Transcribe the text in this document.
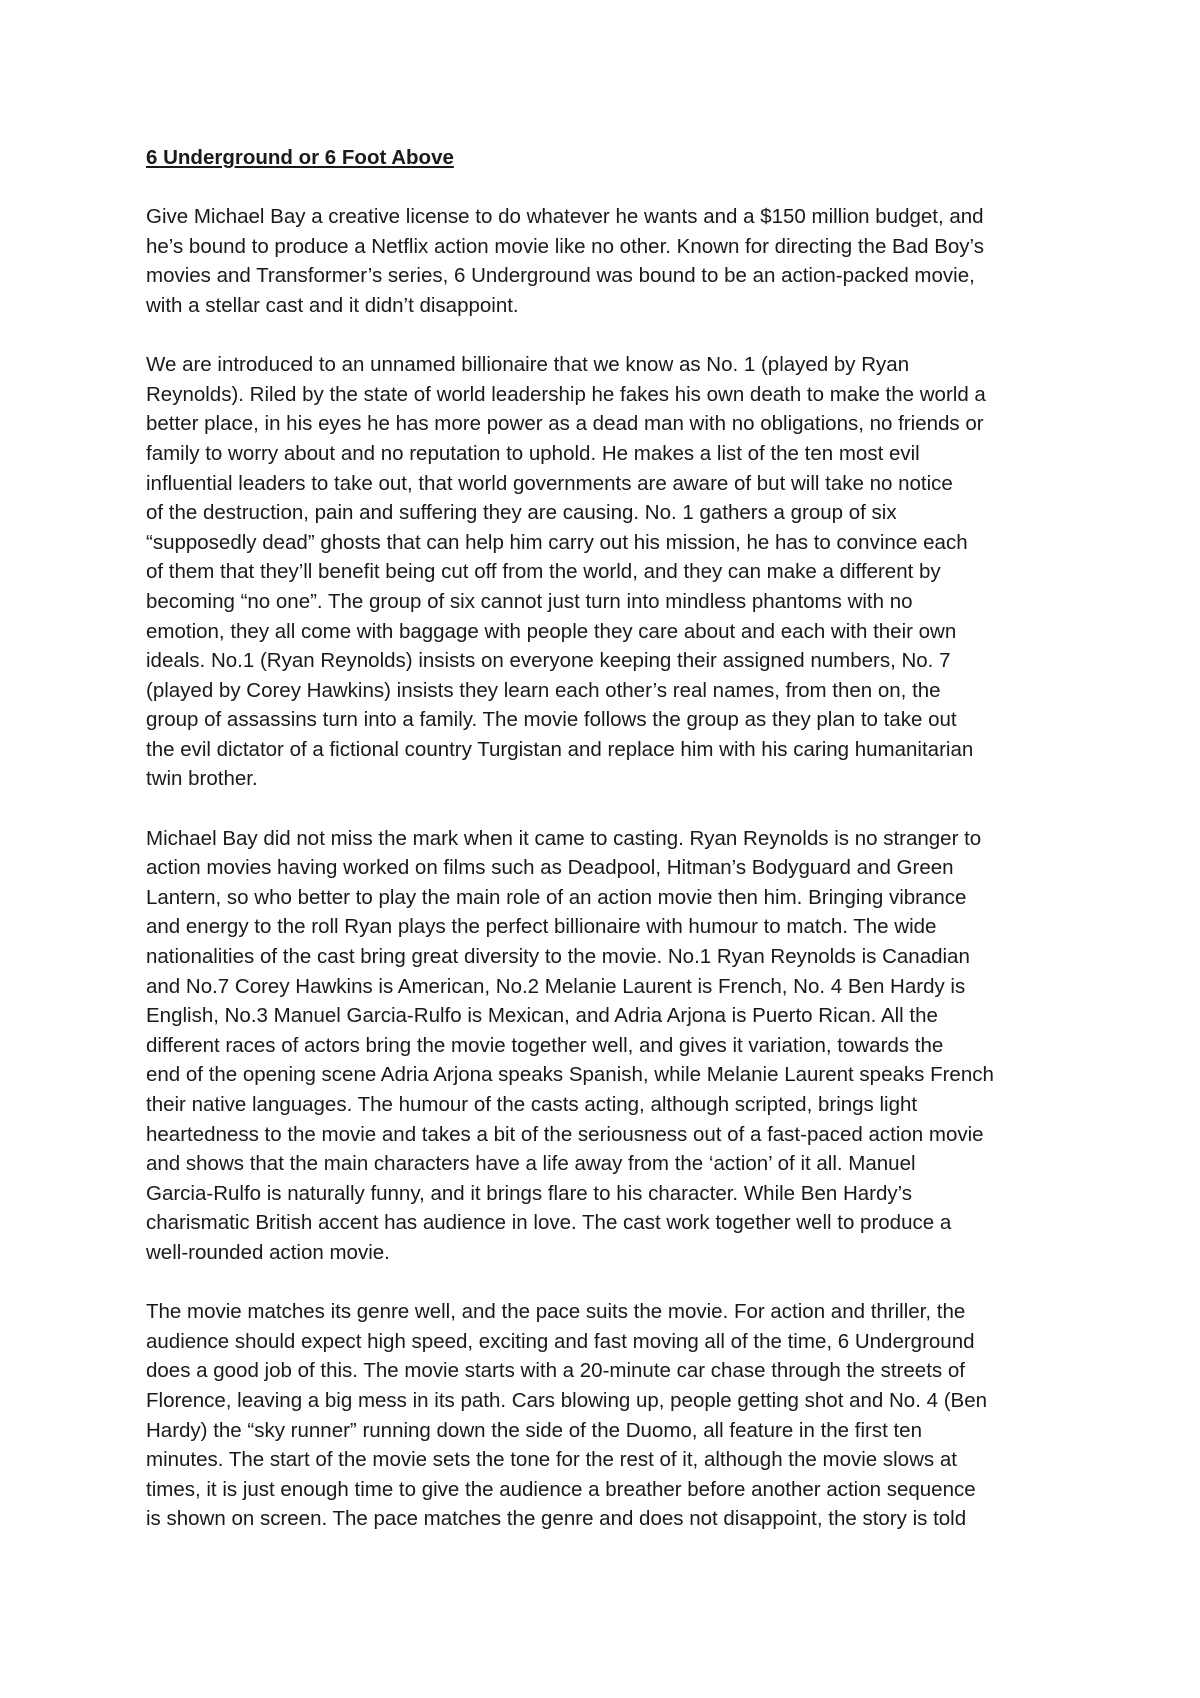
6 Underground or 6 Foot Above
Give Michael Bay a creative license to do whatever he wants and a $150 million budget, and
he’s bound to produce a Netflix action movie like no other. Known for directing the Bad Boy’s
movies and Transformer’s series, 6 Underground was bound to be an action-packed movie,
with a stellar cast and it didn’t disappoint.
We are introduced to an unnamed billionaire that we know as No. 1 (played by Ryan
Reynolds). Riled by the state of world leadership he fakes his own death to make the world a
better place, in his eyes he has more power as a dead man with no obligations, no friends or
family to worry about and no reputation to uphold. He makes a list of the ten most evil
influential leaders to take out, that world governments are aware of but will take no notice
of the destruction, pain and suffering they are causing. No. 1 gathers a group of six
“supposedly dead” ghosts that can help him carry out his mission, he has to convince each
of them that they’ll benefit being cut off from the world, and they can make a different by
becoming “no one”. The group of six cannot just turn into mindless phantoms with no
emotion, they all come with baggage with people they care about and each with their own
ideals. No.1 (Ryan Reynolds) insists on everyone keeping their assigned numbers, No. 7
(played by Corey Hawkins) insists they learn each other’s real names, from then on, the
group of assassins turn into a family. The movie follows the group as they plan to take out
the evil dictator of a fictional country Turgistan and replace him with his caring humanitarian
twin brother.
Michael Bay did not miss the mark when it came to casting. Ryan Reynolds is no stranger to
action movies having worked on films such as Deadpool, Hitman’s Bodyguard and Green
Lantern, so who better to play the main role of an action movie then him. Bringing vibrance
and energy to the roll Ryan plays the perfect billionaire with humour to match. The wide
nationalities of the cast bring great diversity to the movie. No.1 Ryan Reynolds is Canadian
and No.7 Corey Hawkins is American, No.2 Melanie Laurent is French, No. 4 Ben Hardy is
English, No.3 Manuel Garcia-Rulfo is Mexican, and Adria Arjona is Puerto Rican. All the
different races of actors bring the movie together well, and gives it variation, towards the
end of the opening scene Adria Arjona speaks Spanish, while Melanie Laurent speaks French
their native languages. The humour of the casts acting, although scripted, brings light
heartedness to the movie and takes a bit of the seriousness out of a fast-paced action movie
and shows that the main characters have a life away from the ‘action’ of it all. Manuel
Garcia-Rulfo is naturally funny, and it brings flare to his character. While Ben Hardy’s
charismatic British accent has audience in love. The cast work together well to produce a
well-rounded action movie.
The movie matches its genre well, and the pace suits the movie. For action and thriller, the
audience should expect high speed, exciting and fast moving all of the time, 6 Underground
does a good job of this. The movie starts with a 20-minute car chase through the streets of
Florence, leaving a big mess in its path. Cars blowing up, people getting shot and No. 4 (Ben
Hardy) the “sky runner” running down the side of the Duomo, all feature in the first ten
minutes. The start of the movie sets the tone for the rest of it, although the movie slows at
times, it is just enough time to give the audience a breather before another action sequence
is shown on screen. The pace matches the genre and does not disappoint, the story is told
